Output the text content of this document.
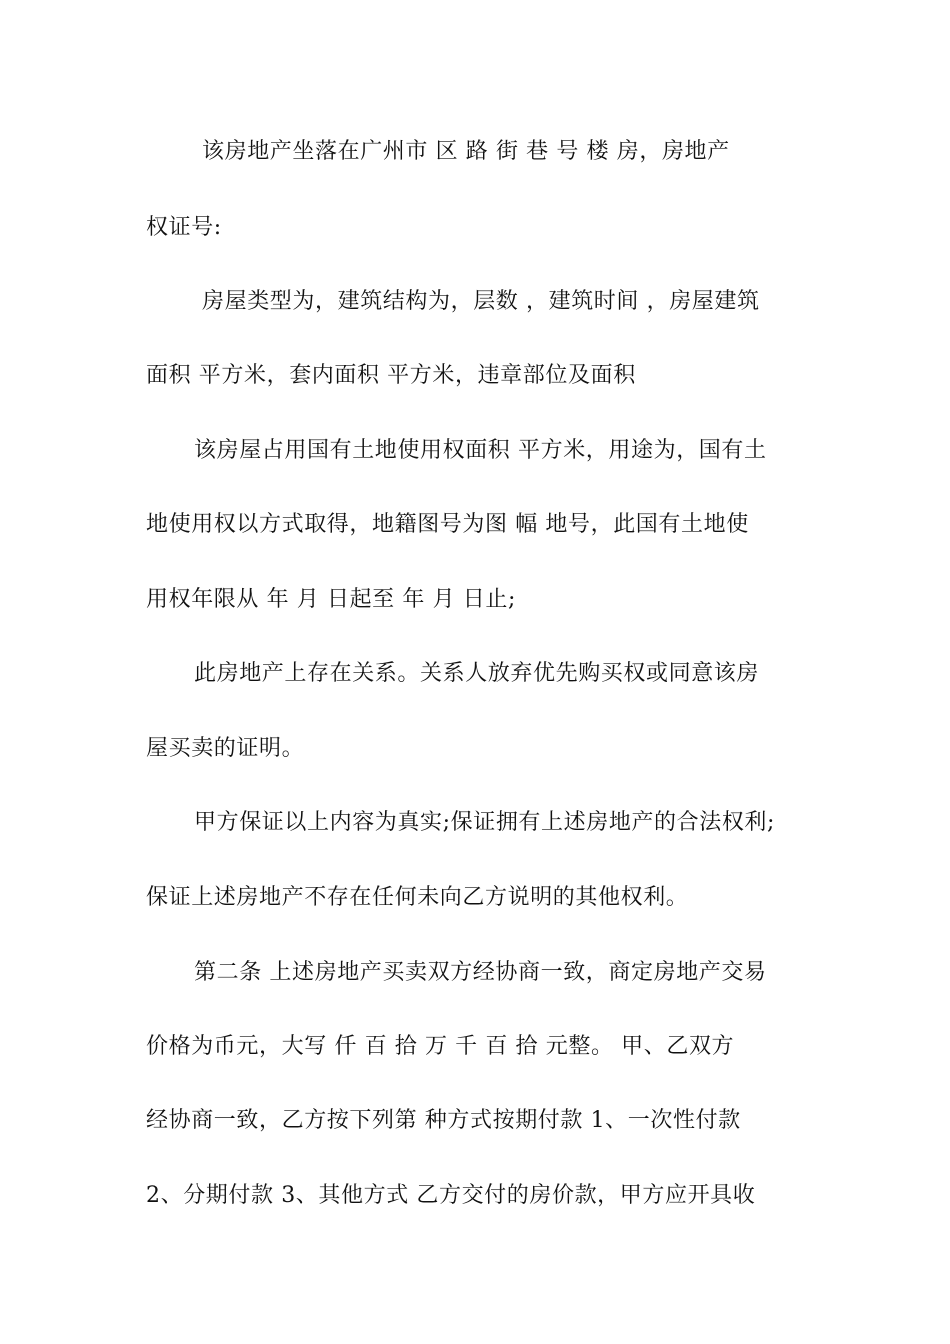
该房地产坐落在广州市 区 路 街 巷 号 楼 房，房地产
权证号:
房屋类型为，建筑结构为，层数 ，建筑时间 ，房屋建筑
面积 平方米，套内面积 平方米，违章部位及面积
该房屋占用国有土地使用权面积 平方米，用途为，国有土
地使用权以方式取得，地籍图号为图 幅 地号，此国有土地使
用权年限从 年 月 日起至 年 月 日止;
此房地产上存在关系。关系人放弃优先购买权或同意该房
屋买卖的证明。
甲方保证以上内容为真实;保证拥有上述房地产的合法权利;
保证上述房地产不存在任何未向乙方说明的其他权利。
第二条 上述房地产买卖双方经协商一致，商定房地产交易
价格为币元，大写 仟 百 拾 万 千 百 拾 元整。 甲、乙双方
经协商一致，乙方按下列第 种方式按期付款 1、一次性付款
2、分期付款 3、其他方式 乙方交付的房价款，甲方应开具收
